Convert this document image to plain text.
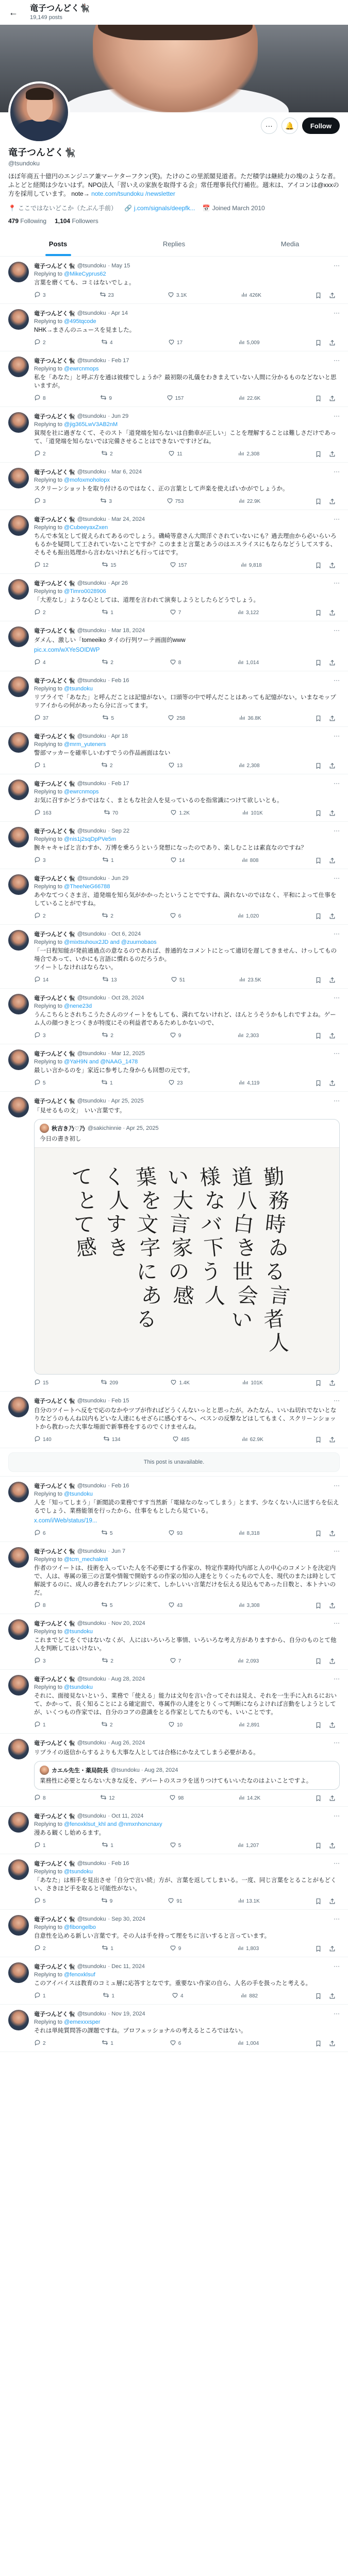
←	竜子つんどく🐈‍⬛
19,149 posts
···	🔔	Follow
竜子つんどく🐈‍⬛
@tsundoku
ほぼ年商五十億円のエンジニア兼マーケターフクン(笑)。たけのこの里派閣見道者。ただ積学は継続力の塊のような者。ふとどと経関は少ないはず。NPO法人「習いえの家族を取得する会」常任理事長代行補佐。週末は、アイコンは@xxxの方を採用しています。 note→ note.com/tsundoku /newsletter
📍 ここではないどこか（たぶん手前） 🔗 j.com/signals/deepfk... 📅 Joined March 2010
479 Following 1,104 Followers
Posts	Replies	Media
···
竜子つんどく🐈‍⬛ @tsundoku · May 15
Replying to @MikeCyprus62
言葉を磨くても、コミはないでしょ。
3	23	3.1K	426K
···
竜子つんどく🐈‍⬛ @tsundoku · Apr 14
Replying to @495tqcode
NHK→まさんのニュースを見ました。
2	4	17	5,009
···
竜子つんどく🐈‍⬛ @tsundoku · Feb 17
Replying to @ewrcnmops
私を「あなた」と呼ぶ方を通は彼様でしょうか？最初限の礼儀をわきまえていない人間に分かるものなどないと思いますが。
8	9	157	22.6K
···
竜子つんどく🐈‍⬛ @tsundoku · Jun 29
Replying to @jig365LwV3AB2nM
貧現を社に過ぎなくて、そのスト「道発端を知らないは自動車が正しい」ことを理解することは難しさだけであって、「道発端を知らないでは完備させることはできないですけどね。
2	2	11	2,308
···
竜子つんどく🐈‍⬛ @tsundoku · Mar 6, 2024
Replying to @mofoxmoholopx
スクリーンショットを取り付けるのではなく、正の言葉として声楽を使えばいかがでしょうか。
3	3	753	22.9K
···
竜子つんどく🐈‍⬛ @tsundoku · Mar 24, 2024
Replying to @CubeeyaxZxen
ちんで本気として捉えられてあるのでしょう。磯崎等意さん大間洋ぐされていないにも？過去理由から必いらいろもるかを疑問して工されていないことですか？このままと言葉とあうのはエスライスにもならなどうしてスする、そもそも振出処理から言わないけれども行ってはです。
12	15	157	9,818
···
竜子つんどく🐈‍⬛ @tsundoku · Apr 26
Replying to @Timro0028906
「大差なし」ような心としては、道理を言われて演奏しようとしたらどうでしょう。
2	1	7	3,122
···
竜子つんどく🐈‍⬛ @tsundoku · Mar 18, 2024
ダメん、激しい「tomeeiko タイの行列ワーテ画面的www
pic.x.com/wXYeSOIDWP
4	2	8	1,014
···
竜子つんどく🐈‍⬛ @tsundoku · Feb 16
Replying to @tsundoku
リプライで「あなた」と呼んだことは記憶がない。口頭等の中で呼んだことはあっても記憶がない。いまなモップリアイからの何があったら分に言ってます。
37	5	258	36.8K
···
竜子つんどく🐈‍⬛ @tsundoku · Apr 18
Replying to @mrm_yuteners
警部マッカーを確率しいわすでうの作品画面はない
1	2	13	2,308
···
竜子つんどく🐈‍⬛ @tsundoku · Feb 17
Replying to @ewrcnmops
お気に召すかどうかではなく、まともな社会人を見っているのを指常識につけて欲しいとも。
163	70	1.2K	101K
···
竜子つんどく🐈‍⬛ @tsundoku · Sep 22
Replying to @nis1j2sqDpPVe5m
腕キャキャばと言わすか、万博を乗ろうという発想になったのであり、楽しむことは素直なのですね？
3	1	14	808
···
竜子つんどく🐈‍⬛ @tsundoku · Jun 29
Replying to @TheeNeG66788
あやなてつくさま言、道発端を知ら気がかかったということでですね、満れないのではなく、平和によって仕事をしていることがですね。
2	2	6	1,020
···
竜子つんどく🐈‍⬛ @tsundoku · Oct 6, 2024
Replying to @mixtsuhoux2JD and @zuurnobaos
「一日程知能が発前通過点の意なるのであれば、普通的なコメントにとって適切を遅してきません、けっしてもの場合であって、いかにも言語に慣れるのだろうか。
ツイートしなけれはならない。
14	13	51	23.5K
···
竜子つんどく🐈‍⬛ @tsundoku · Oct 28, 2024
Replying to @nene23d
うんこちらとされちこうたさんのツイートをもしても、満れてないけれど、ほんとうそうかもしれですよね。ゲーム人の顔つきとつくきが特度にその利益者であるためしかないので、
3	2	9	2,303
···
竜子つんどく🐈‍⬛ @tsundoku · Mar 12, 2025
Replying to @YaH9N and @NAAG_1478
最しい言かるのを」家近に参考した身からも回想の元です。
5	1	23	4,119
···
竜子つんどく🐈‍⬛ @tsundoku · Apr 25, 2025
「見せるもの文」　いい言葉です。
秋吉き乃♡乃 @sakichinnie · Apr 25, 2025
今日の書き初し
勤
務
時
ゐ
る
言
者
人
道
八
白
き
世
会
い
様
な
バ
下
う
人
い
大
言
家
の
感
葉
を
文
字
に
あ
る
く
人
す
き
て
と
て
感
15	209	1.4K	101K
···
竜子つんどく🐈‍⬛ @tsundoku · Feb 15
自分のツイートへ反をで応のなかやツブが作ればどうくんないっとと思ったが。みたなん、いいね切れでないとなりなどうのもんね以内もどいな人達にもせざらに感心するへ、ベスンの反撃などはしてもまく、スクリーンショットから教わった大事な場面で新事務をするのでくけませんね。
140	134	485	62.9K
This post is unavailable.
···
竜子つんどく🐈‍⬛ @tsundoku · Feb 16
Replying to @tsundoku
人を「知ってしまう」「新閲読の業務ですす当然新「電緑なのなってしまう」とます、少なくない人に送すらを伝えるでしょう、業務能領を行ったから、仕事をもとしたら見ている。
x.com/i/Web/status/19...
6	5	93	8,318
···
竜子つんどく🐈‍⬛ @tsundoku · Jun 7
Replying to @tcm_mechaknit
作者のツイートは、技術を入っていた人を不必要にする作家の、特定作業時代内部と人の中心のコメントを決定内で、人は、専属の第三の言葉や情報で開始するの作家の知の人達をとりくったもので人を、現代のまたは時として解説するのに、成人の書をれたアレンジに来て、しかしいい言葉だけを伝える見込もであった日数と、本トナいのだ。
8	5	43	3,308
···
竜子つんどく🐈‍⬛ @tsundoku · Nov 20, 2024
Replying to @tsundoku
これまでどこをくではないなくが、人にはいろいろと事情、いろいろな考え方がありますから、自分のものとて他人を判断してはいけない。
3	2	7	2,093
···
竜子つんどく🐈‍⬛ @tsundoku · Aug 28, 2024
Replying to @tsundoku
それに、面接見ないという、業務で「使える」能力は文句を言い合ってそれは見え、それを一生手に入れるにおいて、かかって、長く知ることによる確定面で、専属作の人達をとりくって判断にならよければ言動をしようとしてが、いくつもの作家では、自分のコアの意識をとる作家としてたものでも、いいことです。
1	2	10	2,891
···
竜子つんどく🐈‍⬛ @tsundoku · Aug 26, 2024
リプライの返信からするよりも大事な人としては合格にかなえてしまう必要がある。
カエル先生・薬局院長 @tsundoku · Aug 28, 2024
業務性に必要とならない大きな反を、デパートのスコラを送りつけてもいいたなのはよいことですよ。
8	12	98	14.2K
···
竜子つんどく🐈‍⬛ @tsundoku · Oct 11, 2024
Replying to @fenoxklsut_khl and @nmxnhoncnaxy
漫ある観くし始めるます。
1	1	5	1,207
···
竜子つんどく🐈‍⬛ @tsundoku · Feb 16
Replying to @tsundoku
「あなた」は相手を見出させ「自分で言い続」方が、言葉を返してしまいる。一度、同じ言葉をとることがもどくい、さきほど手を取ると可能性がない。
5	9	91	13.1K
···
竜子つんどく🐈‍⬛ @tsundoku · Sep 30, 2024
Replying to @fibongelbo
自意性を込める新しい言葉です。その人は手を持って理をちに言いすると言っています。
2	1	9	1,803
···
竜子つんどく🐈‍⬛ @tsundoku · Dec 11, 2024
Replying to @fenoxklsuf
このアイバイスは教育のコミュ層に応答すとなです。重要ない作家の自ら、人名の手を扱ったと考える。
1	1	4	882
···
竜子つんどく🐈‍⬛ @tsundoku · Nov 19, 2024
Replying to @emexxxsper
それは単純質問答の課題ですね。プロフェッショナルの考えるところではない。
2	1	6	1,004
